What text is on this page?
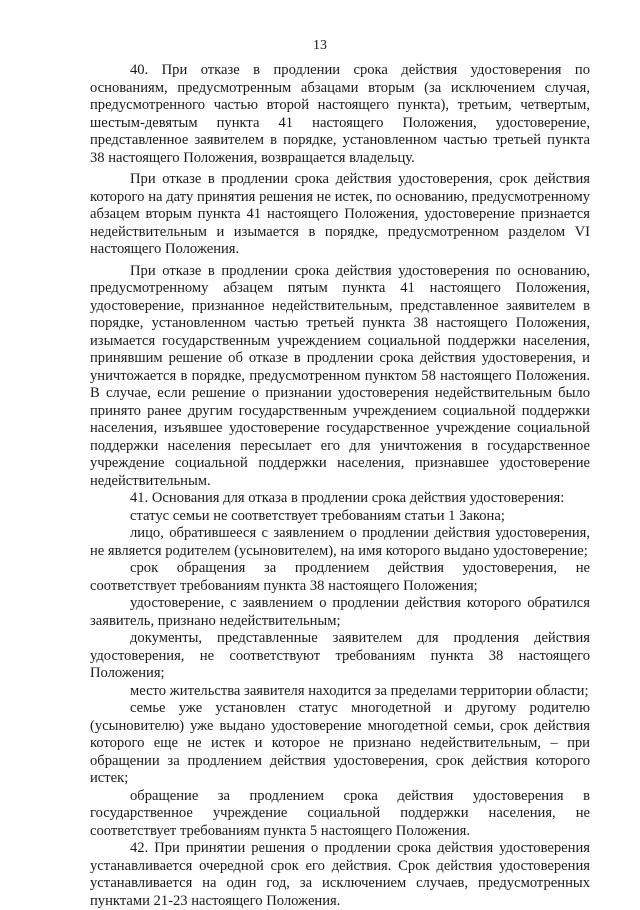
13

40. При отказе в продлении срока действия удостоверения по основаниям, предусмотренным абзацами вторым (за исключением случая, предусмотренного частью второй настоящего пункта), третьим, четвертым, шестым-девятым пункта 41 настоящего Положения, удостоверение, представленное заявителем в порядке, установленном частью третьей пункта 38 настоящего Положения, возвращается владельцу.

При отказе в продлении срока действия удостоверения, срок действия которого на дату принятия решения не истек, по основанию, предусмотренному абзацем вторым пункта 41 настоящего Положения, удостоверение признается недействительным и изымается в порядке, предусмотренном разделом VI настоящего Положения.

При отказе в продлении срока действия удостоверения по основанию, предусмотренному абзацем пятым пункта 41 настоящего Положения, удостоверение, признанное недействительным, представленное заявителем в порядке, установленном частью третьей пункта 38 настоящего Положения, изымается государственным учреждением социальной поддержки населения, принявшим решение об отказе в продлении срока действия удостоверения, и уничтожается в порядке, предусмотренном пунктом 58 настоящего Положения. В случае, если решение о признании удостоверения недействительным было принято ранее другим государственным учреждением социальной поддержки населения, изъявшее удостоверение государственное учреждение социальной поддержки населения пересылает его для уничтожения в государственное учреждение социальной поддержки населения, признавшее удостоверение недействительным.

41. Основания для отказа в продлении срока действия удостоверения:

статус семьи не соответствует требованиям статьи 1 Закона;

лицо, обратившееся с заявлением о продлении действия удостоверения, не является родителем (усыновителем), на имя которого выдано удостоверение;

срок обращения за продлением действия удостоверения, не соответствует требованиям пункта 38 настоящего Положения;

удостоверение, с заявлением о продлении действия которого обратился заявитель, признано недействительным;

документы, представленные заявителем для продления действия удостоверения, не соответствуют требованиям пункта 38 настоящего Положения;

место жительства заявителя находится за пределами территории области;

семье уже установлен статус многодетной и другому родителю (усыновителю) уже выдано удостоверение многодетной семьи, срок действия которого еще не истек и которое не признано недействительным, – при обращении за продлением действия удостоверения, срок действия которого истек;

обращение за продлением срока действия удостоверения в государственное учреждение социальной поддержки населения, не соответствует требованиям пункта 5 настоящего Положения.

42. При принятии решения о продлении срока действия удостоверения устанавливается очередной срок его действия. Срок действия удостоверения устанавливается на один год, за исключением случаев, предусмотренных пунктами 21-23 настоящего Положения.
